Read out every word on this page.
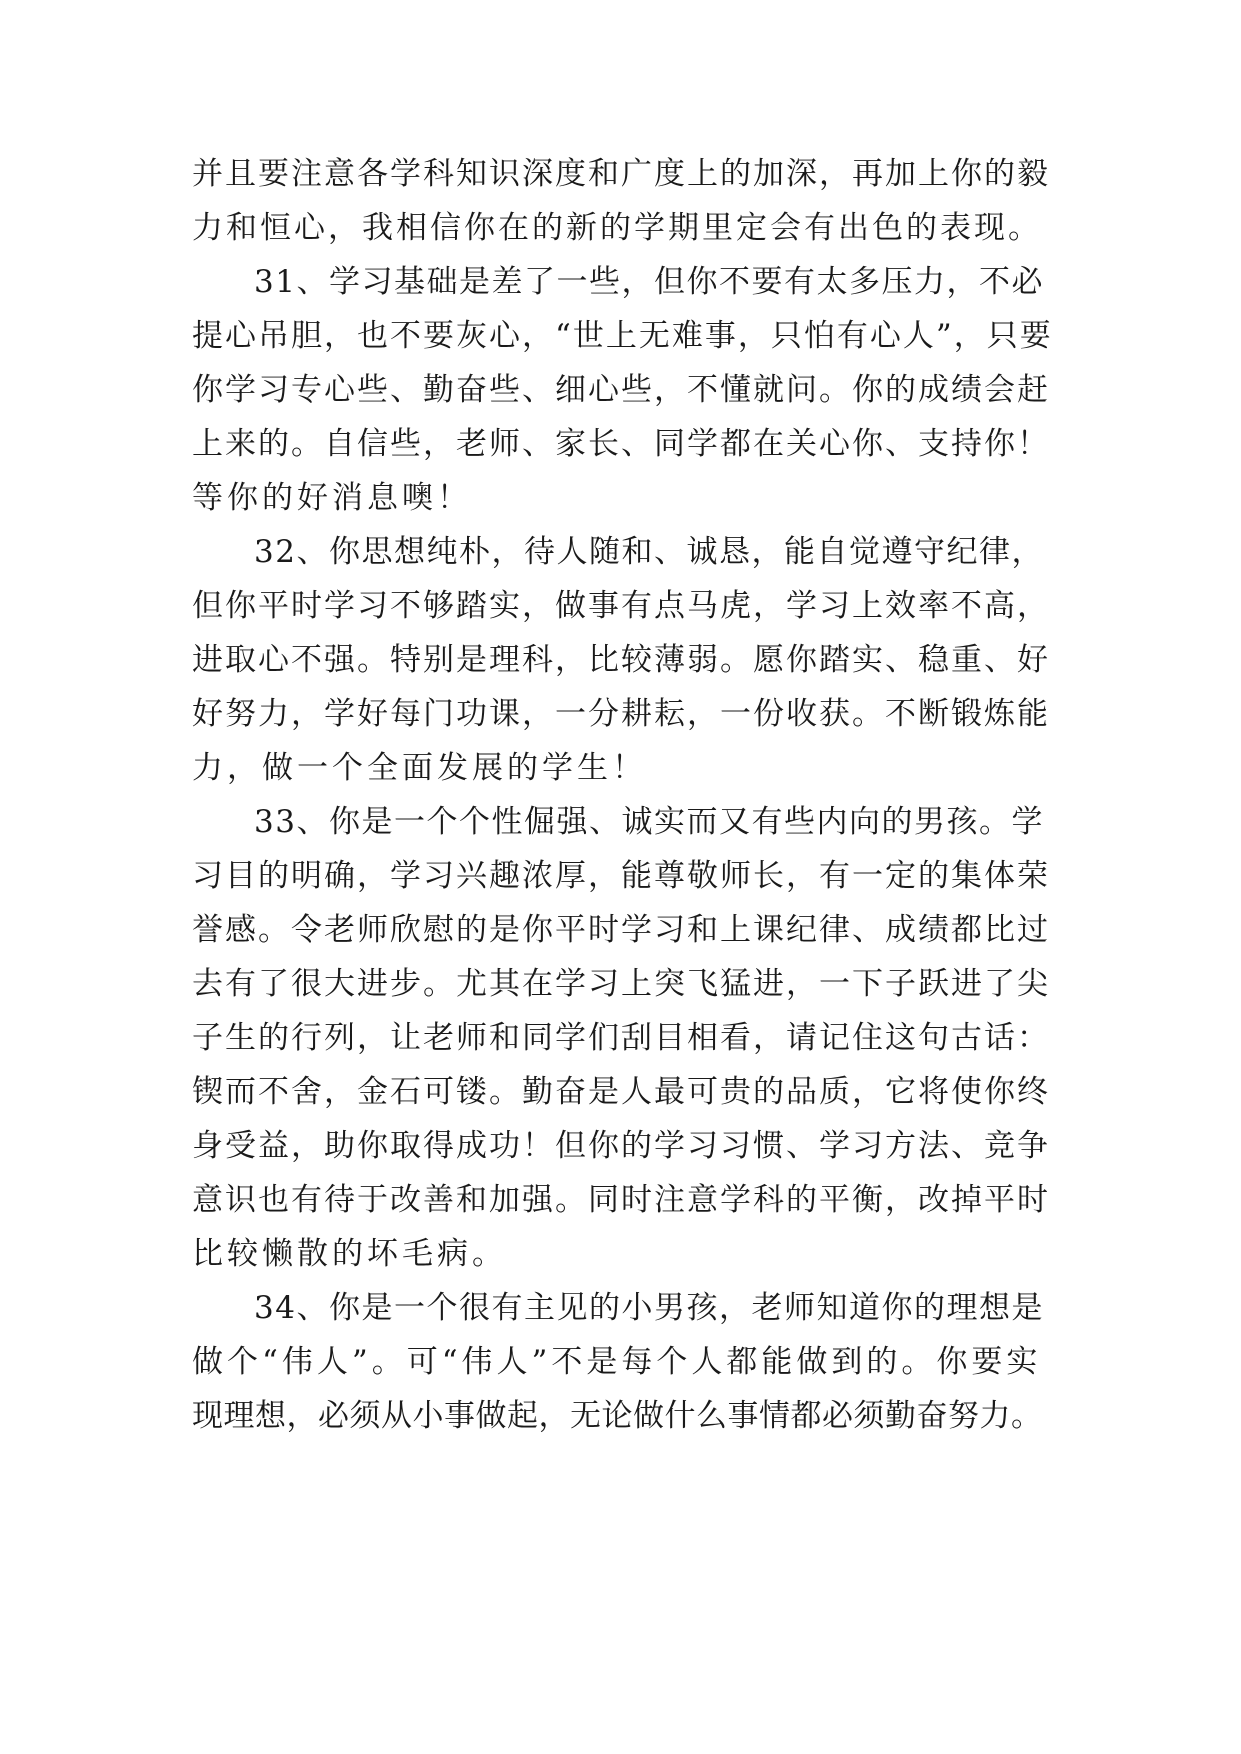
并且要注意各学科知识深度和广度上的加深，再加上你的毅
力和恒心，我相信你在的新的学期里定会有出色的表现。
31、学习基础是差了一些，但你不要有太多压力，不必
提心吊胆，也不要灰心，“世上无难事，只怕有心人”，只要
你学习专心些、勤奋些、细心些，不懂就问。你的成绩会赶
上来的。自信些，老师、家长、同学都在关心你、支持你！
等你的好消息噢！
32、你思想纯朴，待人随和、诚恳，能自觉遵守纪律，
但你平时学习不够踏实，做事有点马虎，学习上效率不高，
进取心不强。特别是理科，比较薄弱。愿你踏实、稳重、好
好努力，学好每门功课，一分耕耘，一份收获。不断锻炼能
力，做一个全面发展的学生！
33、你是一个个性倔强、诚实而又有些内向的男孩。学
习目的明确，学习兴趣浓厚，能尊敬师长，有一定的集体荣
誉感。令老师欣慰的是你平时学习和上课纪律、成绩都比过
去有了很大进步。尤其在学习上突飞猛进，一下子跃进了尖
子生的行列，让老师和同学们刮目相看，请记住这句古话：
锲而不舍，金石可镂。勤奋是人最可贵的品质，它将使你终
身受益，助你取得成功！但你的学习习惯、学习方法、竞争
意识也有待于改善和加强。同时注意学科的平衡，改掉平时
比较懒散的坏毛病。
34、你是一个很有主见的小男孩，老师知道你的理想是
做个“伟人”。可“伟人”不是每个人都能做到的。你要实
现理想，必须从小事做起，无论做什么事情都必须勤奋努力。
